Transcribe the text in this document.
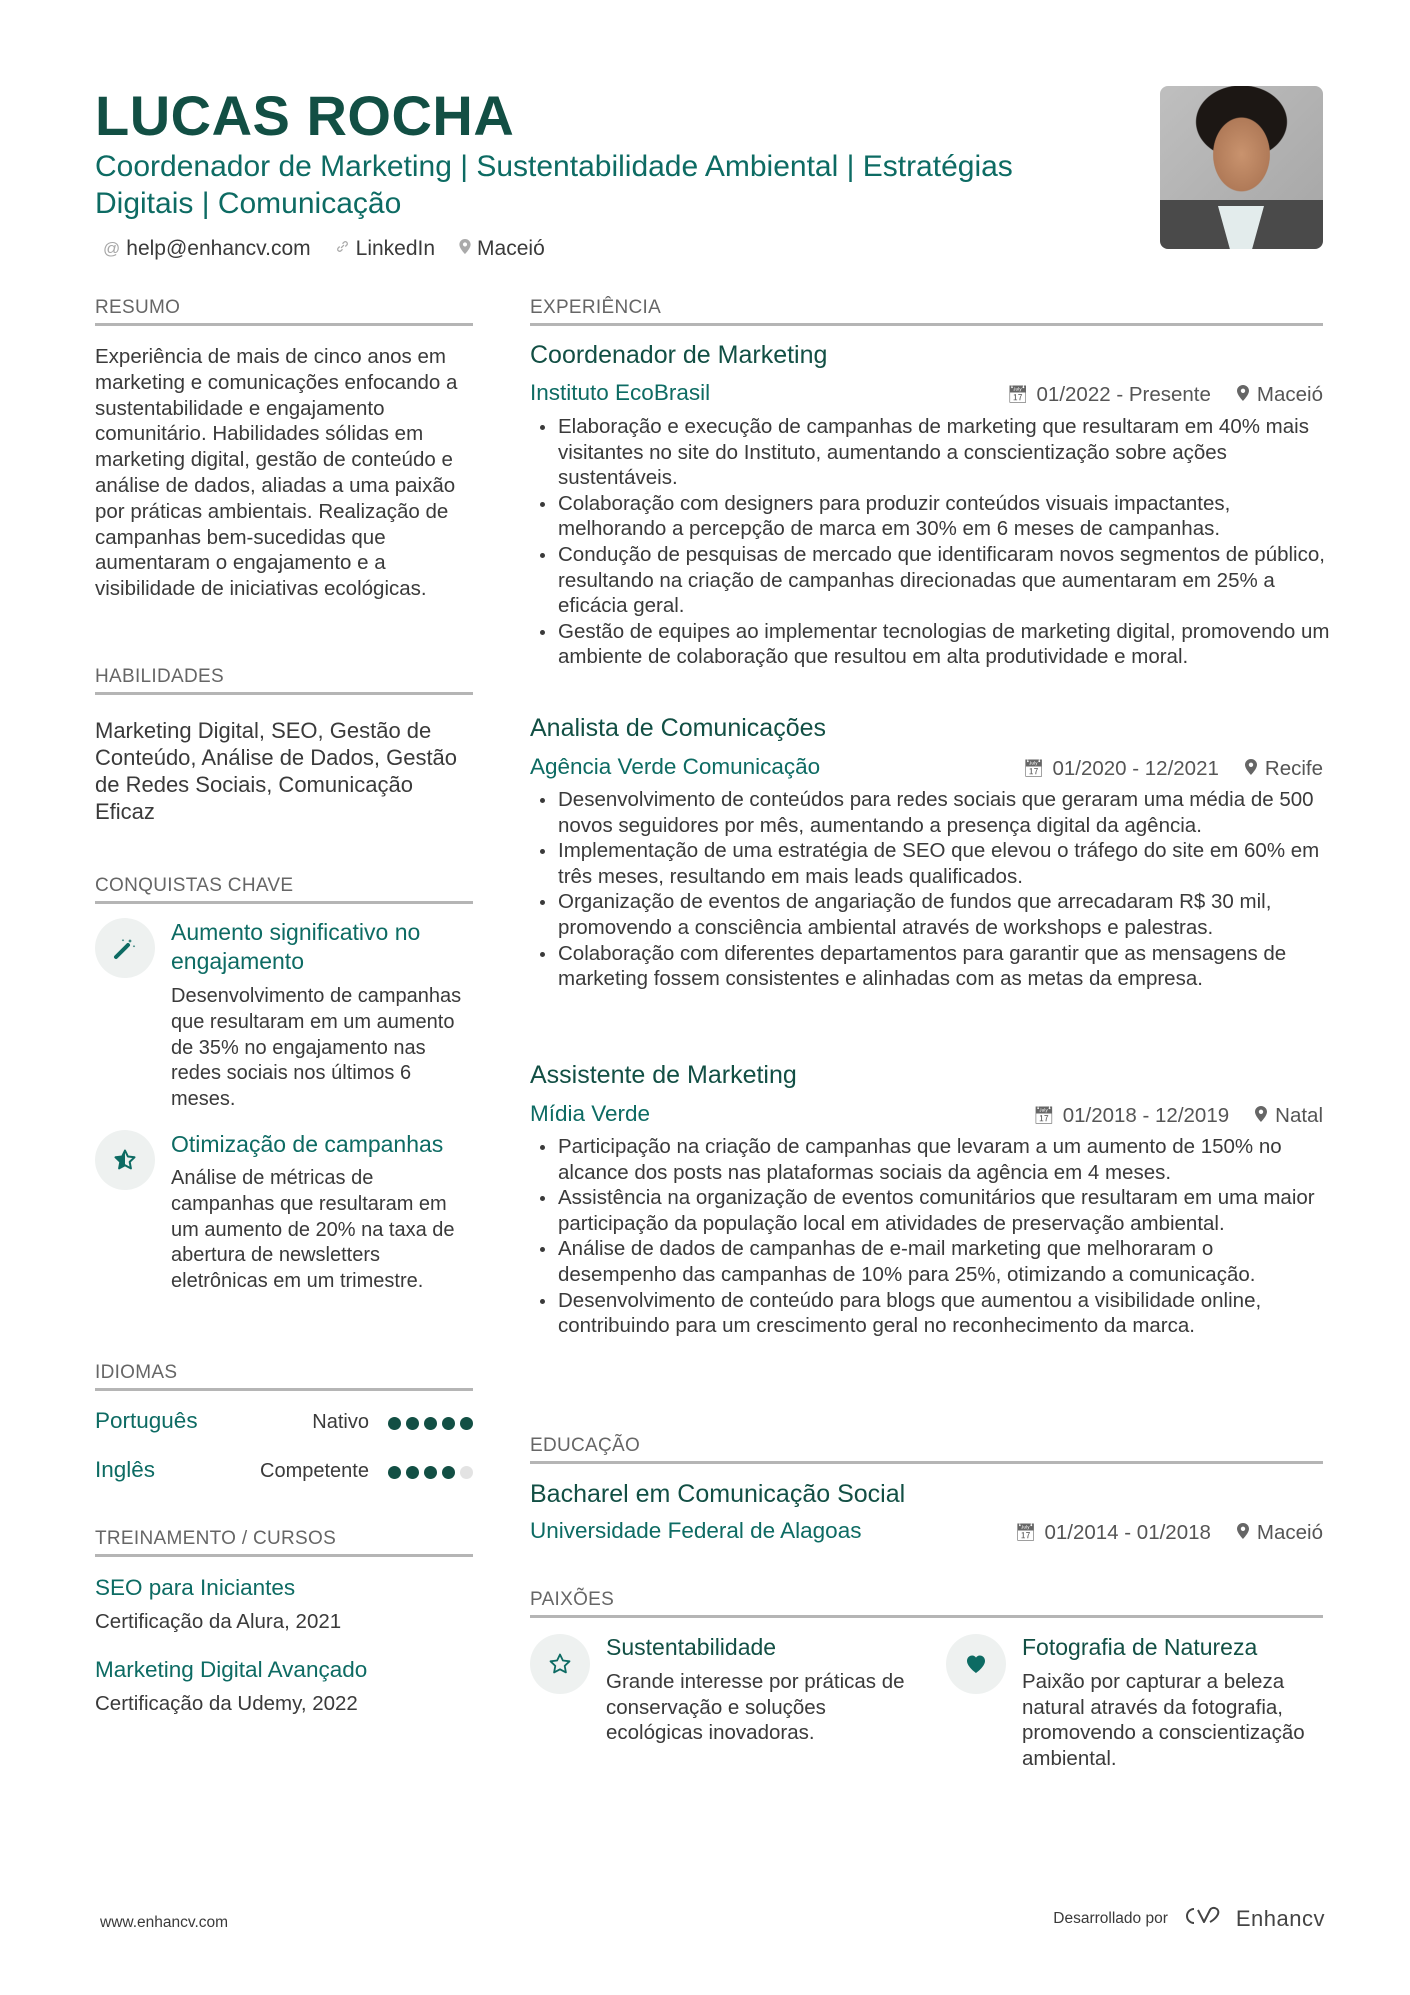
LUCAS ROCHA
Coordenador de Marketing | Sustentabilidade Ambiental | Estratégias Digitais | Comunicação
@ help@enhancv.com LinkedIn Maceió
RESUMO
Experiência de mais de cinco anos em marketing e comunicações enfocando a sustentabilidade e engajamento comunitário. Habilidades sólidas em marketing digital, gestão de conteúdo e análise de dados, aliadas a uma paixão por práticas ambientais. Realização de campanhas bem-sucedidas que aumentaram o engajamento e a visibilidade de iniciativas ecológicas.
HABILIDADES
Marketing Digital, SEO, Gestão de Conteúdo, Análise de Dados, Gestão de Redes Sociais, Comunicação Eficaz
CONQUISTAS CHAVE
Aumento significativo no engajamento
Desenvolvimento de campanhas que resultaram em um aumento de 35% no engajamento nas redes sociais nos últimos 6 meses.
Otimização de campanhas
Análise de métricas de campanhas que resultaram em um aumento de 20% na taxa de abertura de newsletters eletrônicas em um trimestre.
IDIOMAS
Português	Nativo
Inglês	Competente
TREINAMENTO / CURSOS
SEO para Iniciantes
Certificação da Alura, 2021
Marketing Digital Avançado
Certificação da Udemy, 2022
EXPERIÊNCIA
Coordenador de Marketing
Instituto EcoBrasil	📅︎ 01/2022 - Presente Maceió
Elaboração e execução de campanhas de marketing que resultaram em 40% mais visitantes no site do Instituto, aumentando a conscientização sobre ações sustentáveis.
Colaboração com designers para produzir conteúdos visuais impactantes, melhorando a percepção de marca em 30% em 6 meses de campanhas.
Condução de pesquisas de mercado que identificaram novos segmentos de público, resultando na criação de campanhas direcionadas que aumentaram em 25% a eficácia geral.
Gestão de equipes ao implementar tecnologias de marketing digital, promovendo um ambiente de colaboração que resultou em alta produtividade e moral.
Analista de Comunicações
Agência Verde Comunicação	📅︎ 01/2020 - 12/2021 Recife
Desenvolvimento de conteúdos para redes sociais que geraram uma média de 500 novos seguidores por mês, aumentando a presença digital da agência.
Implementação de uma estratégia de SEO que elevou o tráfego do site em 60% em três meses, resultando em mais leads qualificados.
Organização de eventos de angariação de fundos que arrecadaram R$ 30 mil, promovendo a consciência ambiental através de workshops e palestras.
Colaboração com diferentes departamentos para garantir que as mensagens de marketing fossem consistentes e alinhadas com as metas da empresa.
Assistente de Marketing
Mídia Verde	📅︎ 01/2018 - 12/2019 Natal
Participação na criação de campanhas que levaram a um aumento de 150% no alcance dos posts nas plataformas sociais da agência em 4 meses.
Assistência na organização de eventos comunitários que resultaram em uma maior participação da população local em atividades de preservação ambiental.
Análise de dados de campanhas de e-mail marketing que melhoraram o desempenho das campanhas de 10% para 25%, otimizando a comunicação.
Desenvolvimento de conteúdo para blogs que aumentou a visibilidade online, contribuindo para um crescimento geral no reconhecimento da marca.
EDUCAÇÃO
Bacharel em Comunicação Social
Universidade Federal de Alagoas	📅︎ 01/2014 - 01/2018 Maceió
PAIXÕES
Sustentabilidade
Grande interesse por práticas de conservação e soluções ecológicas inovadoras.
Fotografia de Natureza
Paixão por capturar a beleza natural através da fotografia, promovendo a conscientização ambiental.
www.enhancv.com	Desarrollado por	Enhancv
